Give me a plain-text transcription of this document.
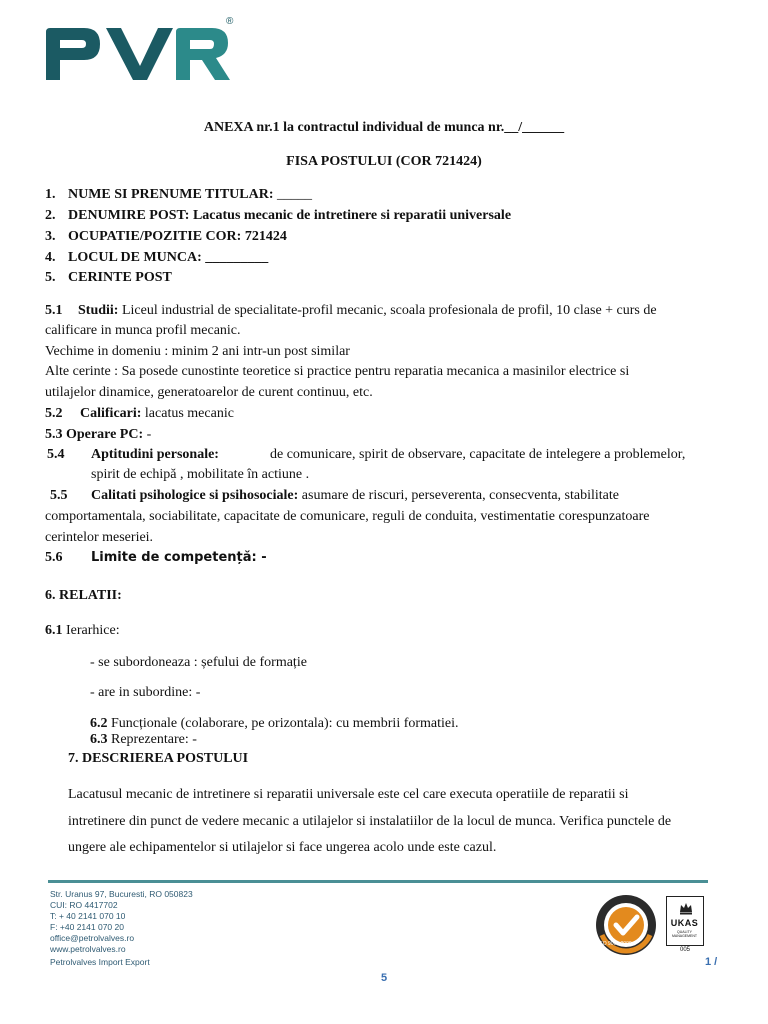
®
ANEXA nr.1 la contractul individual de munca nr.__/______
FISA POSTULUI (COR 721424)
1. NUME SI PRENUME TITULAR: _____
2. DENUMIRE POST: Lacatus mecanic de intretinere si reparatii universale
3. OCUPATIE/POZITIE COR: 721424
4. LOCUL DE MUNCA: _________
5. CERINTE POST
5.1 Studii: Liceul industrial de specialitate-profil mecanic, scoala profesionala de profil, 10 clase + curs de
calificare in munca profil mecanic.
Vechime in domeniu : minim 2 ani intr-un post similar
Alte cerinte : Sa posede cunostinte teoretice si practice pentru reparatia mecanica a masinilor electrice si
utilajelor dinamice, generatoarelor de curent continuu, etc.
5.2 Calificari: lacatus mecanic
5.3 Operare PC: -
5.4 Aptitudini personale:	de comunicare, spirit de observare, capacitate de intelegere a problemelor,
spirit de echipă , mobilitate în actiune .
5.5 Calitati psihologice si psihosociale: asumare de riscuri, perseverenta, consecventa, stabilitate
comportamentala, sociabilitate, capacitate de comunicare, reguli de conduita, vestimentatie corespunzatoare
cerintelor meseriei.
5.6 Limite de competență: -
6. RELATII:
6.1 Ierarhice:
- se subordoneaza : șefului de formație
- are in subordine: -
6.2 Funcționale (colaborare, pe orizontala): cu membrii formatiei.
6.3 Reprezentare: -
7. DESCRIEREA POSTULUI
Lacatusul mecanic de intretinere si reparatii universale este cel care executa operatiile de reparatii si
intretinere din punct de vedere mecanic a utilajelor si instalatiilor de la locul de munca. Verifica punctele de
ungere ale echipamentelor si utilajelor si face ungerea acolo unde este cazul.
Str. Uranus 97, Bucuresti, RO 050823
CUI: RO 4417702
T: + 40 2141 070 10
F: +40 2141 070 20
office@petrolvalves.ro
www.petrolvalves.ro
Petrolvalves Import Export
ISO 9001:2000
UKAS
QUALITY MANAGEMENT
005
1 /
5
